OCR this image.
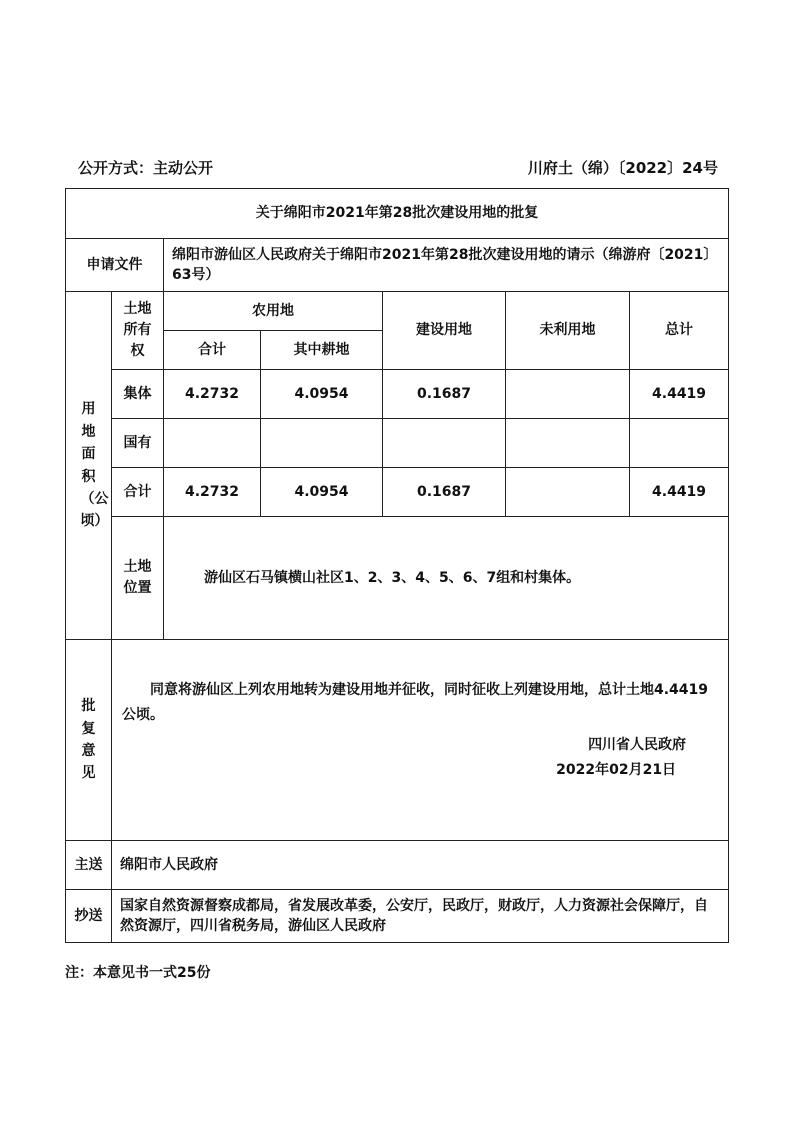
公开方式：主动公开	川府土（绵）〔2022〕24号
关于绵阳市2021年第28批次建设用地的批复						
申请文件		绵阳市游仙区人民政府关于绵阳市2021年第28批次建设用地的请示（绵游府〔2021〕63号）				
用地面积（公顷）	土地所有权	农用地		建设用地	未利用地	总计
		合计	其中耕地			
	集体	4.2732	4.0954	0.1687		4.4419
	国有					
	合计	4.2732	4.0954	0.1687		4.4419
	土地位置	游仙区石马镇横山社区1、2、3、4、5、6、7组和村集体。				
批复意见	同意将游仙区上列农用地转为建设用地并征收，同时征收上列建设用地，总计土地4.4419公顷。

四川省人民政府
2022年02月21日					

主送	绵阳市人民政府					
抄送	国家自然资源督察成都局，省发展改革委，公安厅，民政厅，财政厅，人力资源社会保障厅，自然资源厅，四川省税务局，游仙区人民政府					
注：本意见书一式25份
